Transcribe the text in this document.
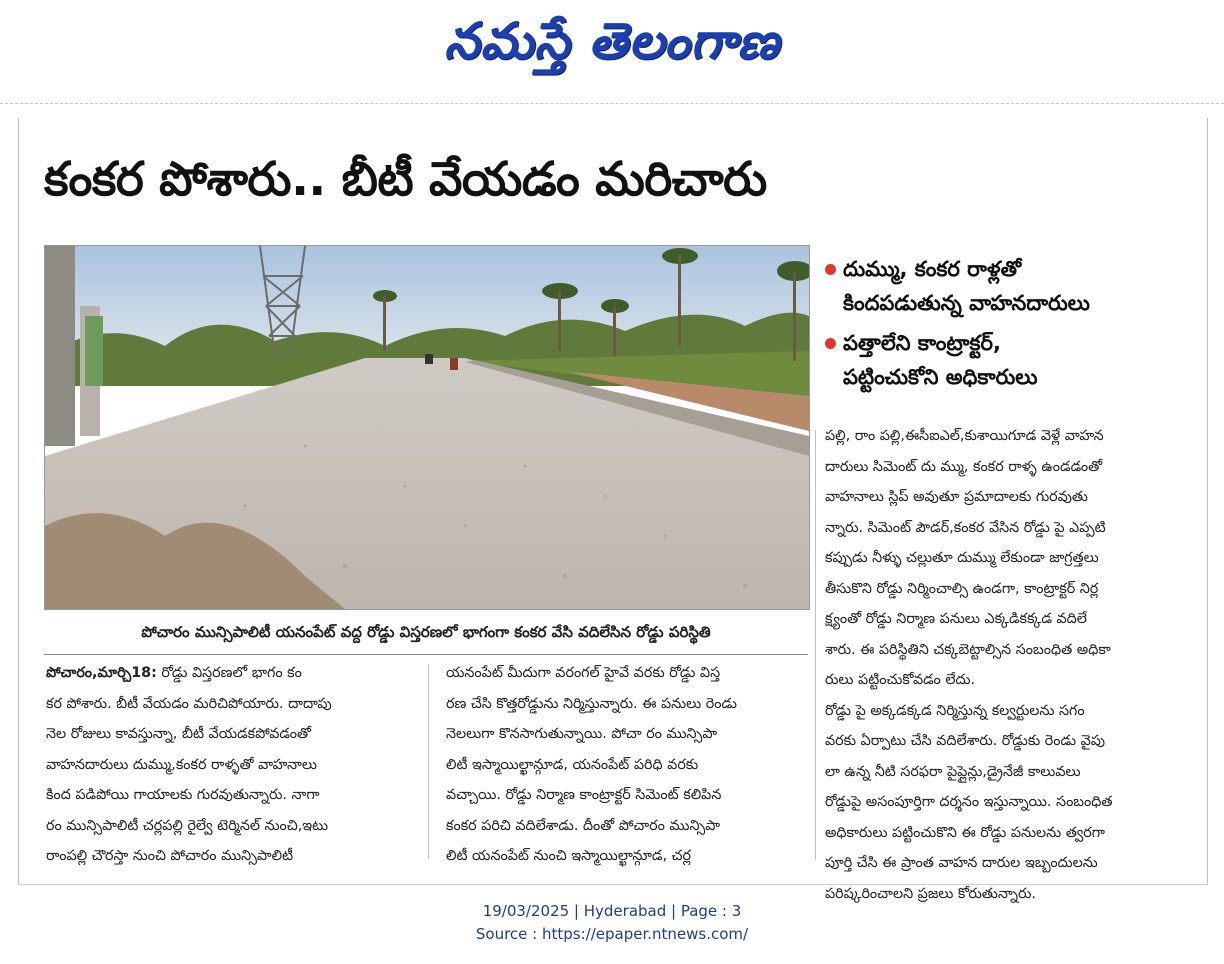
నమస్తే తెలంగాణ
కంకర పోశారు.. బీటీ వేయడం మరిచారు
పోచారం మున్సిపాలిటీ యనంపేట్ వద్ద రోడ్డు విస్తరణలో భాగంగా కంకర వేసి వదిలేసిన రోడ్డు పరిస్థితి
దుమ్ము, కంకర రాళ్లతో
కిందపడుతున్న వాహనదారులు
పత్తాలేని కాంట్రాక్టర్,
పట్టించుకోని అధికారులు
పోచారం,మార్చి18: రోడ్డు విస్తరణలో భాగం కం
కర పోశారు. బీటీ వేయడం మరిచిపోయారు. దాదాపు
నెల రోజులు కావస్తున్నా, బీటీ వేయడకపోవడంతో
వాహనదారులు దుమ్ము,కంకర రాళ్ళతో వాహనాలు
కింద పడిపోయి గాయాలకు గురవుతున్నారు. నాగా
రం మున్సిపాలిటీ చర్లపల్లి రైల్వే టెర్మినల్ నుంచి,ఇటు
రాంపల్లి చౌరస్తా నుంచి పోచారం మున్సిపాలిటీ
యనంపేట్ మీదుగా వరంగల్ హైవే వరకు రోడ్డు విస్త
రణ చేసి కొత్తరోడ్డును నిర్మిస్తున్నారు. ఈ పనులు రెండు
నెలలుగా కొనసాగుతున్నాయి. పోచా రం మున్సిపా
లిటీ ఇస్మాయిల్ఖాన్గూడ, యనంపేట్ పరిధి వరకు
వచ్చాయి. రోడ్డు నిర్మాణ కాంట్రాక్టర్ సిమెంట్ కలిపిన
కంకర పరిచి వదిలేశాడు. దీంతో పోచారం మున్సిపా
లిటీ యనంపేట్ నుంచి ఇస్మాయిల్ఖాన్గూడ, చర్ల
పల్లి, రాం పల్లి,ఈసీఐఎల్,కుశాయిగూడ వెళ్లే వాహన
దారులు సిమెంట్ దు మ్ము, కంకర రాళ్ళ ఉండడంతో
వాహనాలు స్లిప్ అవుతూ ప్రమాదాలకు గురవుతు
న్నారు. సిమెంట్ పౌడర్,కంకర వేసిన రోడ్డు పై ఎప్పటి
కప్పుడు నీళ్ళు చల్లుతూ దుమ్ము లేకుండా జాగ్రత్తలు
తీసుకొని రోడ్డు నిర్మించాల్సి ఉండగా, కాంట్రాక్టర్ నిర్ల
క్ష్యంతో రోడ్డు నిర్మాణ పనులు ఎక్కడికక్కడ వదిలే
శారు. ఈ పరిస్థితిని చక్కబెట్టాల్సిన సంబంధిత అధికా
రులు పట్టించుకోవడం లేదు.
రోడ్డు పై అక్కడక్కడ నిర్మిస్తున్న కల్వర్టులను సగం
వరకు ఏర్పాటు చేసి వదిలేశారు. రోడ్డుకు రెండు వైపు
లా ఉన్న నీటి సరఫరా పైప్లైన్లు,డ్రైనేజీ కాలువలు
రోడ్డుపై అసంపూర్తిగా దర్శనం ఇస్తున్నాయి. సంబంధిత
అధికారులు పట్టించుకొని ఈ రోడ్డు పనులను త్వరగా
పూర్తి చేసి ఈ ప్రాంత వాహన దారుల ఇబ్బందులను
పరిష్కరించాలని ప్రజలు కోరుతున్నారు.
19/03/2025 | Hyderabad | Page : 3
Source : https://epaper.ntnews.com/
